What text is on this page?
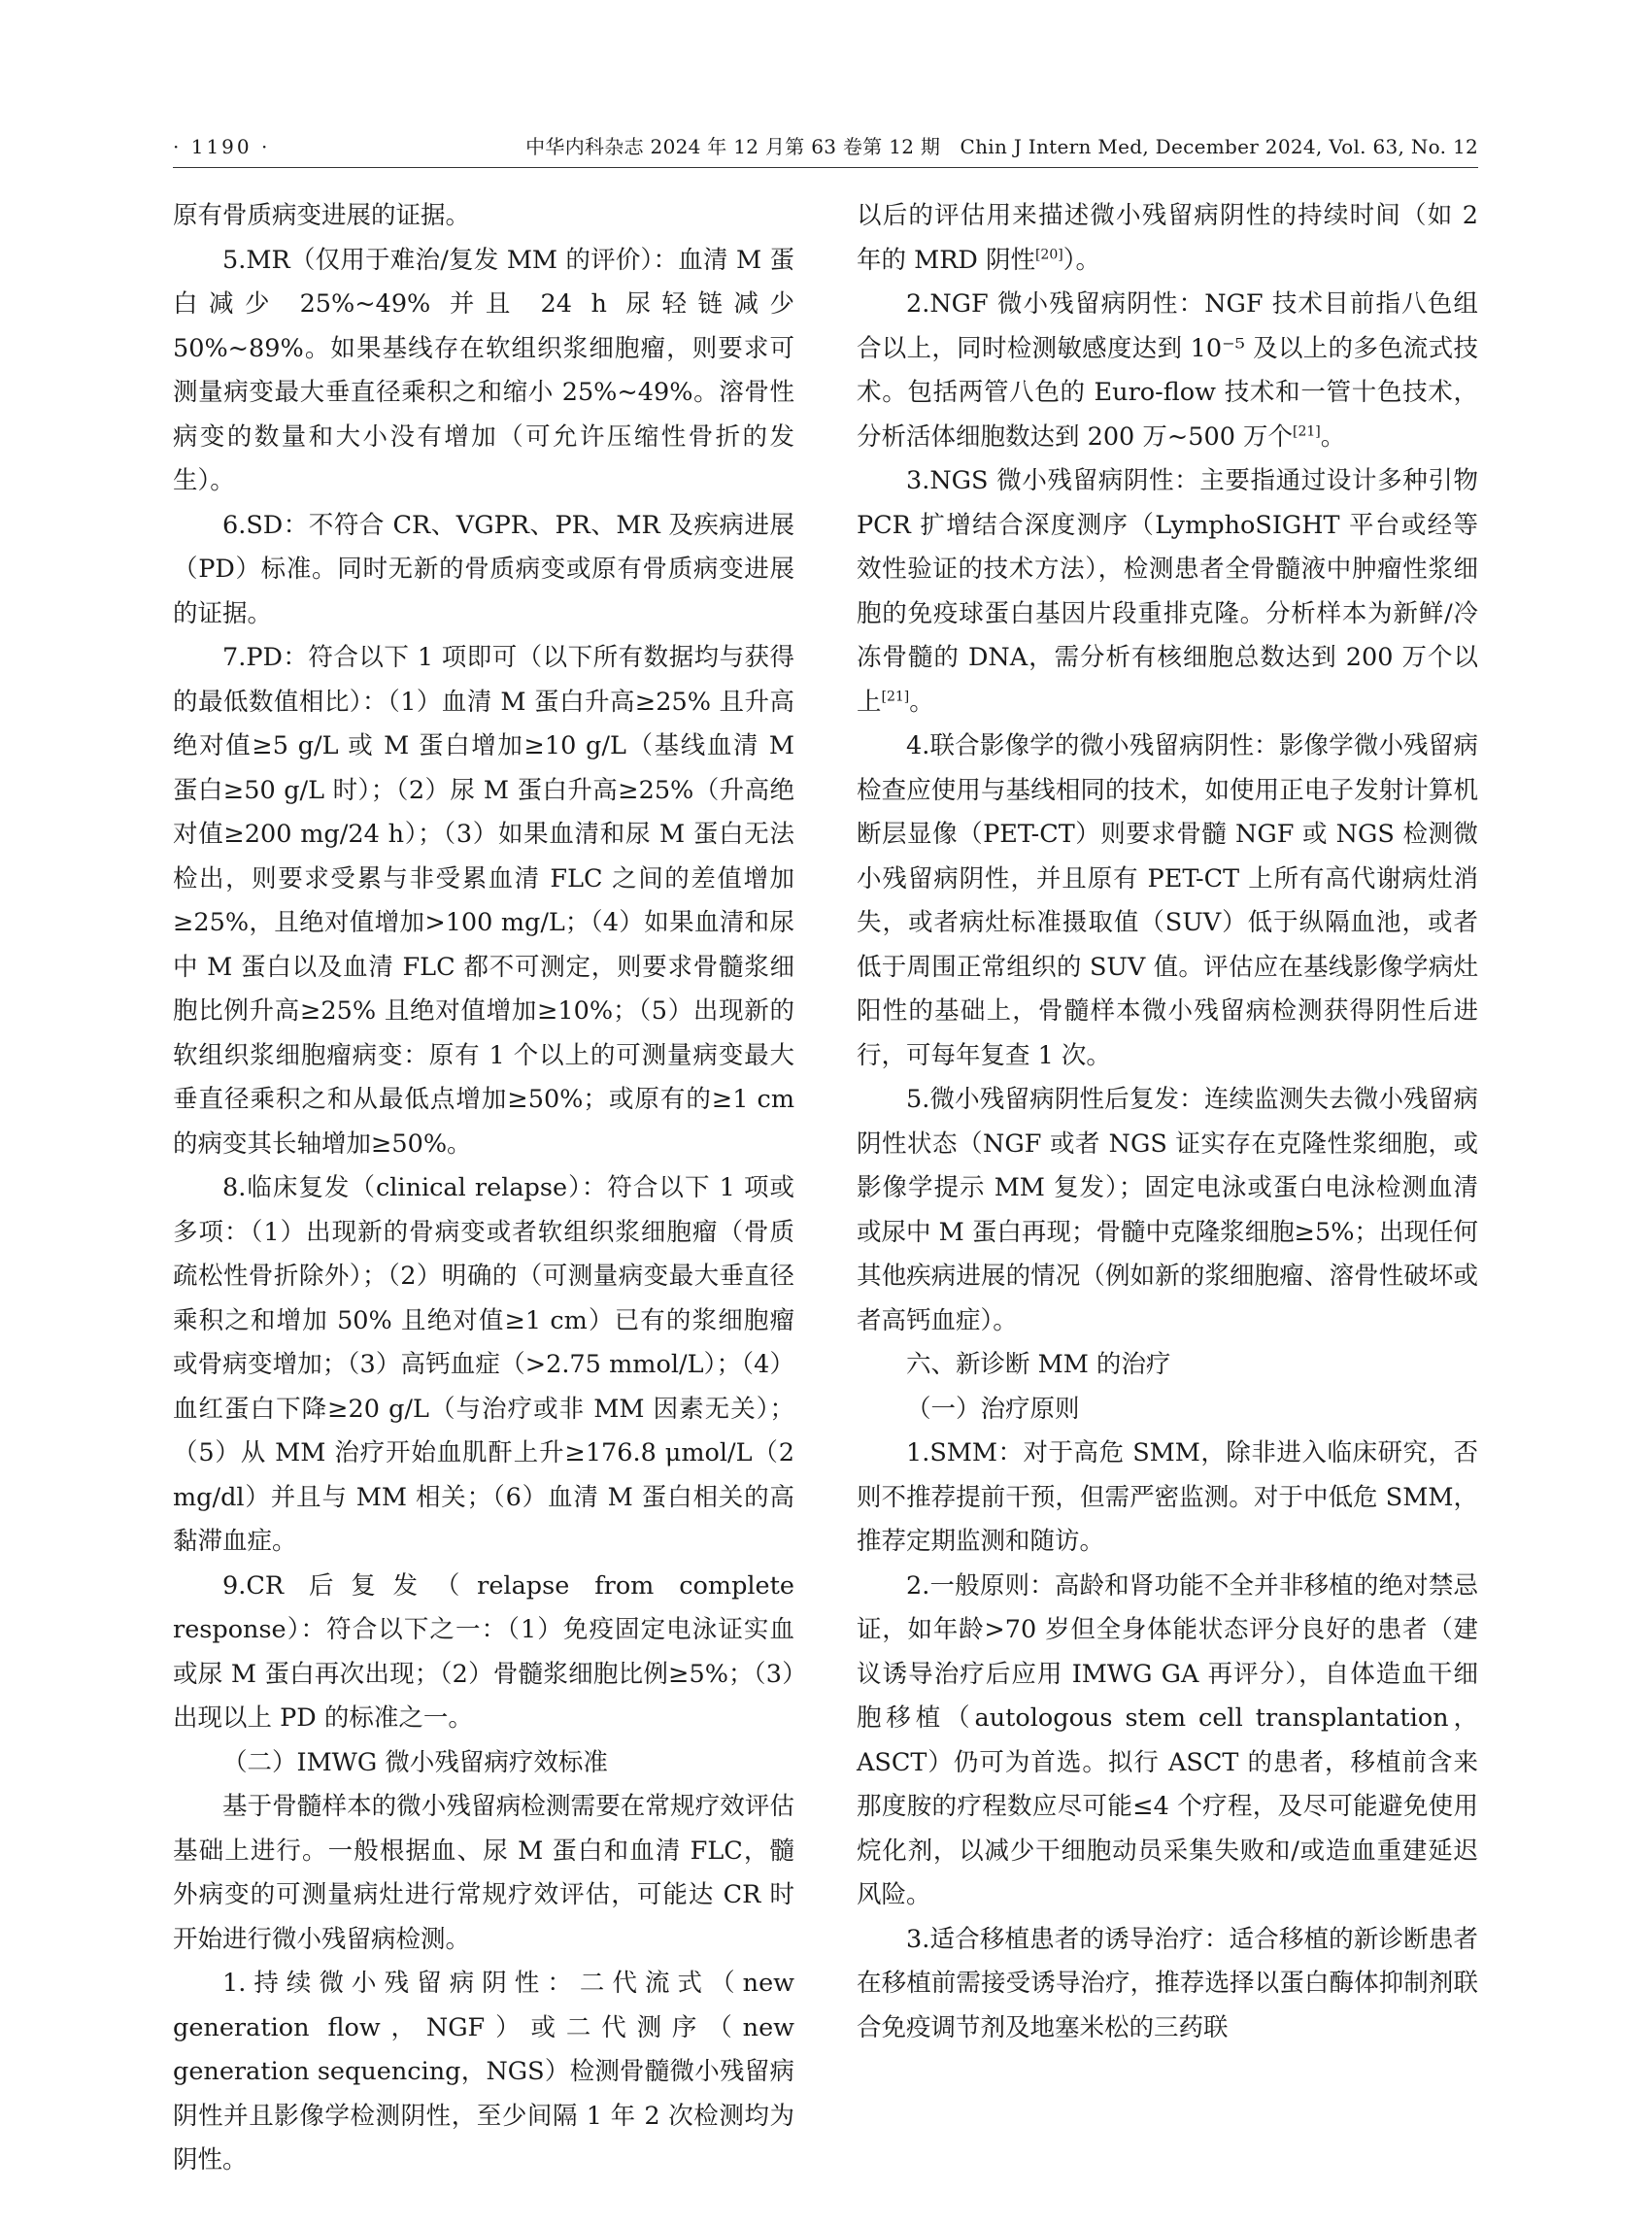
· 1190 ·	中华内科杂志 2024 年 12 月第 63 卷第 12 期　Chin J Intern Med, December 2024, Vol. 63, No. 12

原有骨质病变进展的证据。

5.MR（仅用于难治/复发 MM 的评价）：血清 M 蛋白减少 25%~49% 并且 24 h 尿轻链减少 50%~89%。如果基线存在软组织浆细胞瘤，则要求可测量病变最大垂直径乘积之和缩小 25%~49%。溶骨性病变的数量和大小没有增加（可允许压缩性骨折的发生）。

6.SD：不符合 CR、VGPR、PR、MR 及疾病进展（PD）标准。同时无新的骨质病变或原有骨质病变进展的证据。

7.PD：符合以下 1 项即可（以下所有数据均与获得的最低数值相比）：（1）血清 M 蛋白升高≥25% 且升高绝对值≥5 g/L 或 M 蛋白增加≥10 g/L（基线血清 M 蛋白≥50 g/L 时）；（2）尿 M 蛋白升高≥25%（升高绝对值≥200 mg/24 h）；（3）如果血清和尿 M 蛋白无法检出，则要求受累与非受累血清 FLC 之间的差值增加≥25%，且绝对值增加>100 mg/L；（4）如果血清和尿中 M 蛋白以及血清 FLC 都不可测定，则要求骨髓浆细胞比例升高≥25% 且绝对值增加≥10%；（5）出现新的软组织浆细胞瘤病变：原有 1 个以上的可测量病变最大垂直径乘积之和从最低点增加≥50%；或原有的≥1 cm 的病变其长轴增加≥50%。

8.临床复发（clinical relapse）：符合以下 1 项或多项：（1）出现新的骨病变或者软组织浆细胞瘤（骨质疏松性骨折除外）；（2）明确的（可测量病变最大垂直径乘积之和增加 50% 且绝对值≥1 cm）已有的浆细胞瘤或骨病变增加；（3）高钙血症（>2.75 mmol/L）；（4）血红蛋白下降≥20 g/L（与治疗或非 MM 因素无关）；（5）从 MM 治疗开始血肌酐上升≥176.8 μmol/L（2 mg/dl）并且与 MM 相关；（6）血清 M 蛋白相关的高黏滞血症。

9.CR 后复发（relapse from complete response）：符合以下之一：（1）免疫固定电泳证实血或尿 M 蛋白再次出现；（2）骨髓浆细胞比例≥5%；（3）出现以上 PD 的标准之一。

（二）IMWG 微小残留病疗效标准

基于骨髓样本的微小残留病检测需要在常规疗效评估基础上进行。一般根据血、尿 M 蛋白和血清 FLC，髓外病变的可测量病灶进行常规疗效评估，可能达 CR 时开始进行微小残留病检测。

1.持续微小残留病阴性：二代流式（new generation flow，NGF）或二代测序（new generation sequencing，NGS）检测骨髓微小残留病阴性并且影像学检测阴性，至少间隔 1 年 2 次检测均为阴性。

以后的评估用来描述微小残留病阴性的持续时间（如 2 年的 MRD 阴性[20]）。

2.NGF 微小残留病阴性：NGF 技术目前指八色组合以上，同时检测敏感度达到 10⁻⁵ 及以上的多色流式技术。包括两管八色的 Euro-flow 技术和一管十色技术，分析活体细胞数达到 200 万~500 万个[21]。

3.NGS 微小残留病阴性：主要指通过设计多种引物 PCR 扩增结合深度测序（LymphoSIGHT 平台或经等效性验证的技术方法），检测患者全骨髓液中肿瘤性浆细胞的免疫球蛋白基因片段重排克隆。分析样本为新鲜/冷冻骨髓的 DNA，需分析有核细胞总数达到 200 万个以上[21]。

4.联合影像学的微小残留病阴性：影像学微小残留病检查应使用与基线相同的技术，如使用正电子发射计算机断层显像（PET-CT）则要求骨髓 NGF 或 NGS 检测微小残留病阴性，并且原有 PET-CT 上所有高代谢病灶消失，或者病灶标准摄取值（SUV）低于纵隔血池，或者低于周围正常组织的 SUV 值。评估应在基线影像学病灶阳性的基础上，骨髓样本微小残留病检测获得阴性后进行，可每年复查 1 次。

5.微小残留病阴性后复发：连续监测失去微小残留病阴性状态（NGF 或者 NGS 证实存在克隆性浆细胞，或影像学提示 MM 复发）；固定电泳或蛋白电泳检测血清或尿中 M 蛋白再现；骨髓中克隆浆细胞≥5%；出现任何其他疾病进展的情况（例如新的浆细胞瘤、溶骨性破坏或者高钙血症）。

六、新诊断 MM 的治疗

（一）治疗原则

1.SMM：对于高危 SMM，除非进入临床研究，否则不推荐提前干预，但需严密监测。对于中低危 SMM，推荐定期监测和随访。

2.一般原则：高龄和肾功能不全并非移植的绝对禁忌证，如年龄>70 岁但全身体能状态评分良好的患者（建议诱导治疗后应用 IMWG GA 再评分），自体造血干细胞移植（autologous stem cell transplantation，ASCT）仍可为首选。拟行 ASCT 的患者，移植前含来那度胺的疗程数应尽可能≤4 个疗程，及尽可能避免使用烷化剂，以减少干细胞动员采集失败和/或造血重建延迟风险。

3.适合移植患者的诱导治疗：适合移植的新诊断患者在移植前需接受诱导治疗，推荐选择以蛋白酶体抑制剂联合免疫调节剂及地塞米松的三药联
